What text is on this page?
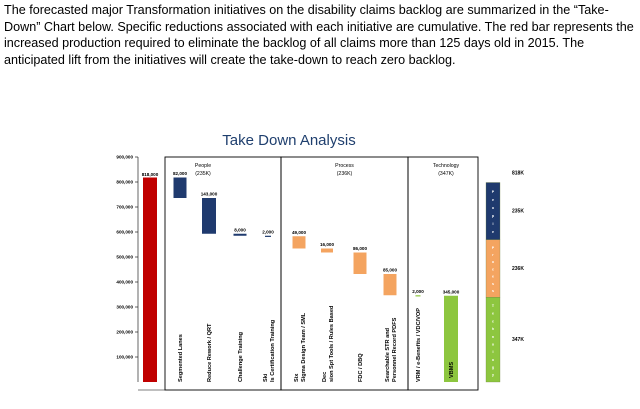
The forecasted major Transformation initiatives on the disability claims backlog are summarized in the “Take-Down” Chart below. Specific reductions associated with each initiative are cumulative. The red bar represents the increased production required to eliminate the backlog of all claims more than 125 days old in 2015. The anticipated lift from the initiatives will create the take-down to reach zero backlog.

Take Down Analysis
People
(235K)
Process
(236K)
Technology
(347K)
100,000
200,000
300,000
400,000
500,000
600,000
700,000
800,000
900,000
818,000	82,000
143,000
8,000	2,000	49,000
16,000
86,000
85,000
2,000	345,000
Segmented Lanes	Reduce Rework / QRT	Challenge Training	Ski ls Certification Training	Six Sigma Design Team / SML	Dec sion Spt Tools / Rules Based	FDC / DBQ	Searchable STR and Personnel Record PDFS	VRM / e-Benefits / VDC/VOP	VBMS
P
e
o
p
l
e
P
r
o
c
e
s
s
T
e
c
h
n
o
l
o
g
y
818K
235K
236K
347K
